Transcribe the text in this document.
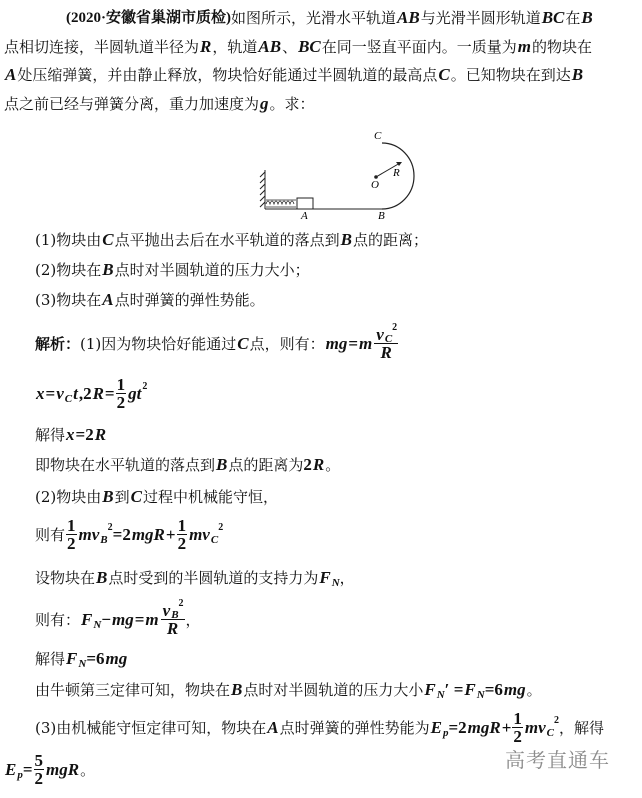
(2020·安徽省巢湖市质检) 如图所示，光滑水平轨道 AB 与光滑半圆形轨道 BC 在 B
点相切连接，半圆轨道半径为 R ，轨道 AB 、 BC 在同一竖直平面内。一质量为 m 的物块在
A 处压缩弹簧，并由静止释放，物块恰好能通过半圆轨道的最高点 C 。已知物块在到达 B
点之前已经与弹簧分离，重力加速度为 g 。求：
A	B
C
O
R
(1)物块由 C 点平抛出去后在水平轨道的落点到 B 点的距离；
(2)物块在 B 点时对半圆轨道的压力大小；
(3)物块在 A 点时弹簧的弹性势能。
解析： (1)因为物块恰好能通过 C 点，则有： mg = m v C
2
R
x = v C t ,2 $R = \frac{1}{2}$ gt 2
解得 x =2 R
即物块在水平轨道的落点到 B 点的距离为 2 R 。
(2)物块由 B 到 C 过程中机械能守恒，
则有 $\frac{1}{2}$ mv B
2 =2 mgR + $\frac{1}{2}$ mv C
2
设物块在 B 点时受到的半圆轨道的支持力为 F N ，
则有： F N − mg = m v B
2
R ，
解得 F N =6 mg
由牛顿第三定律可知，物块在 B 点时对半圆轨道的压力大小 F N ′ = F N =6 mg 。
(3)由机械能守恒定律可知，物块在 A 点时弹簧的弹性势能为 E p =2 mgR + $\frac{1}{2}$ mv C
2 ，解得
E $p = \frac{5}{2}$ mgR 。	高考直通车
